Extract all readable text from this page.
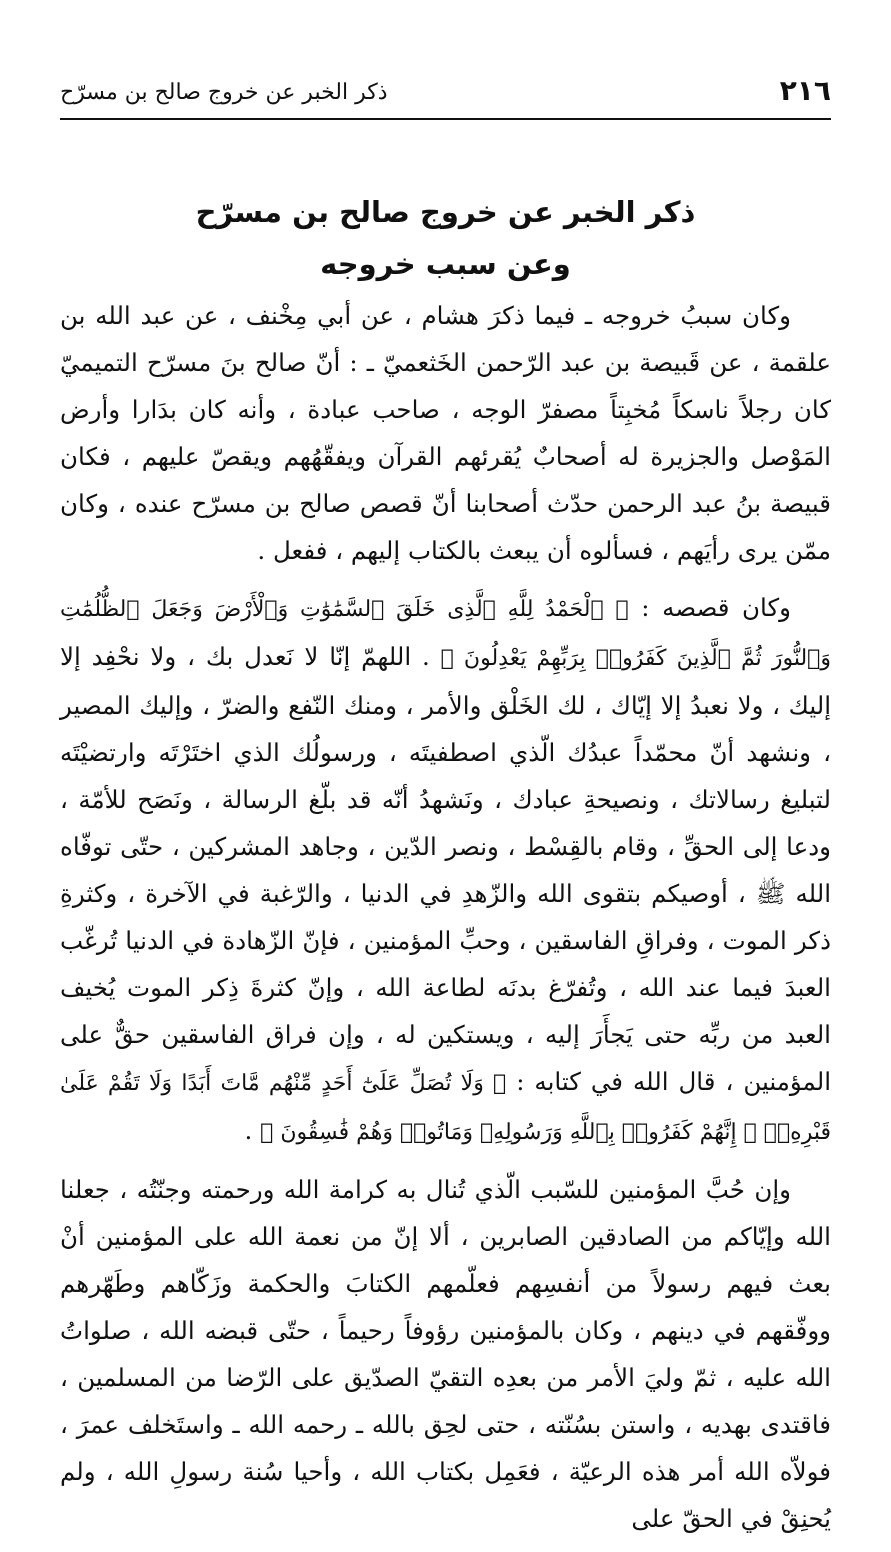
٢١٦
ذكر الخبر عن خروج صالح بن مسرّح
ذكر الخبر عن خروج صالح بن مسرّح
وعن سبب خروجه

وكان سببُ خروجه ـ فيما ذكرَ هشام ، عن أبي مِخْنف ، عن عبد الله بن علقمة ، عن قَبيصة بن عبد الرّحمن الخَثعميّ ـ : أنّ صالح بنَ مسرّح التميميّ كان رجلاً ناسكاً مُخبِتاً مصفرّ الوجه ، صاحب عبادة ، وأنه كان بدَارا وأرض المَوْصل والجزيرة له أصحابٌ يُقرئهم القرآن ويفقّهُهم ويقصّ عليهم ، فكان قبيصة بنُ عبد الرحمن حدّث أصحابنا أنّ قصص صالح بن مسرّح عنده ، وكان ممّن يرى رأيَهم ، فسألوه أن يبعث بالكتاب إليهم ، ففعل .

وكان قصصه : ﴿ ٱلْحَمْدُ لِلَّهِ ٱلَّذِى خَلَقَ ٱلسَّمَٰوَٰتِ وَٱلْأَرْضَ وَجَعَلَ ٱلظُّلُمَٰتِ وَٱلنُّورَ ثُمَّ ٱلَّذِينَ كَفَرُوا۟ بِرَبِّهِمْ يَعْدِلُونَ ﴾ . اللهمّ إنّا لا نَعدل بك ، ولا نحْفِد إلا إليك ، ولا نعبدُ إلا إيّاك ، لك الخَلْق والأمر ، ومنك النّفع والضرّ ، وإليك المصير ، ونشهد أنّ محمّداً عبدُك الّذي اصطفيتَه ، ورسولُك الذي اختَرْتَه وارتضيْتَه لتبليغ رسالاتك ، ونصيحةِ عبادك ، ونَشهدُ أنّه قد بلّغ الرسالة ، ونَصَح للأمّة ، ودعا إلى الحقِّ ، وقام بالقِسْط ، ونصر الدّين ، وجاهد المشركين ، حتّى توفّاه الله ﷺ ، أوصيكم بتقوى الله والزّهدِ في الدنيا ، والرّغبة في الآخرة ، وكثرةِ ذكر الموت ، وفراقِ الفاسقين ، وحبِّ المؤمنين ، فإنّ الزّهادة في الدنيا تُرغّب العبدَ فيما عند الله ، وتُفرّغ بدنَه لطاعة الله ، وإنّ كثرةَ ذِكر الموت يُخيف العبد من ربِّه حتى يَجأَرَ إليه ، ويستكين له ، وإن فراق الفاسقين حقٌّ على المؤمنين ، قال الله في كتابه : ﴿ وَلَا تُصَلِّ عَلَىٰٓ أَحَدٍ مِّنْهُم مَّاتَ أَبَدًا وَلَا تَقُمْ عَلَىٰ قَبْرِهِۦٓ ۖ إِنَّهُمْ كَفَرُوا۟ بِٱللَّهِ وَرَسُولِهِۦ وَمَاتُوا۟ وَهُمْ فَٰسِقُونَ ﴾ .

وإن حُبَّ المؤمنين للسّبب الّذي تُنال به كرامة الله ورحمته وجنّتُه ، جعلنا الله وإيّاكم من الصادقين الصابرين ، ألا إنّ من نعمة الله على المؤمنين أنْ بعث فيهم رسولاً من أنفسِهم فعلّمهم الكتابَ والحكمة وزَكّاهم وطَهّرهم ووفّقهم في دينهم ، وكان بالمؤمنين رؤوفاً رحيماً ، حتّى قبضه الله ، صلواتُ الله عليه ، ثمّ وليَ الأمر من بعدِه التقيّ الصدّيق على الرّضا من المسلمين ، فاقتدى بهديه ، واستن بسُنّته ، حتى لحِق بالله ـ رحمه الله ـ واستَخلف عمرَ ، فولاّه الله أمر هذه الرعيّة ، فعَمِل بكتاب الله ، وأحيا سُنة رسولِ الله ، ولم يُحنِقْ في الحقّ على
